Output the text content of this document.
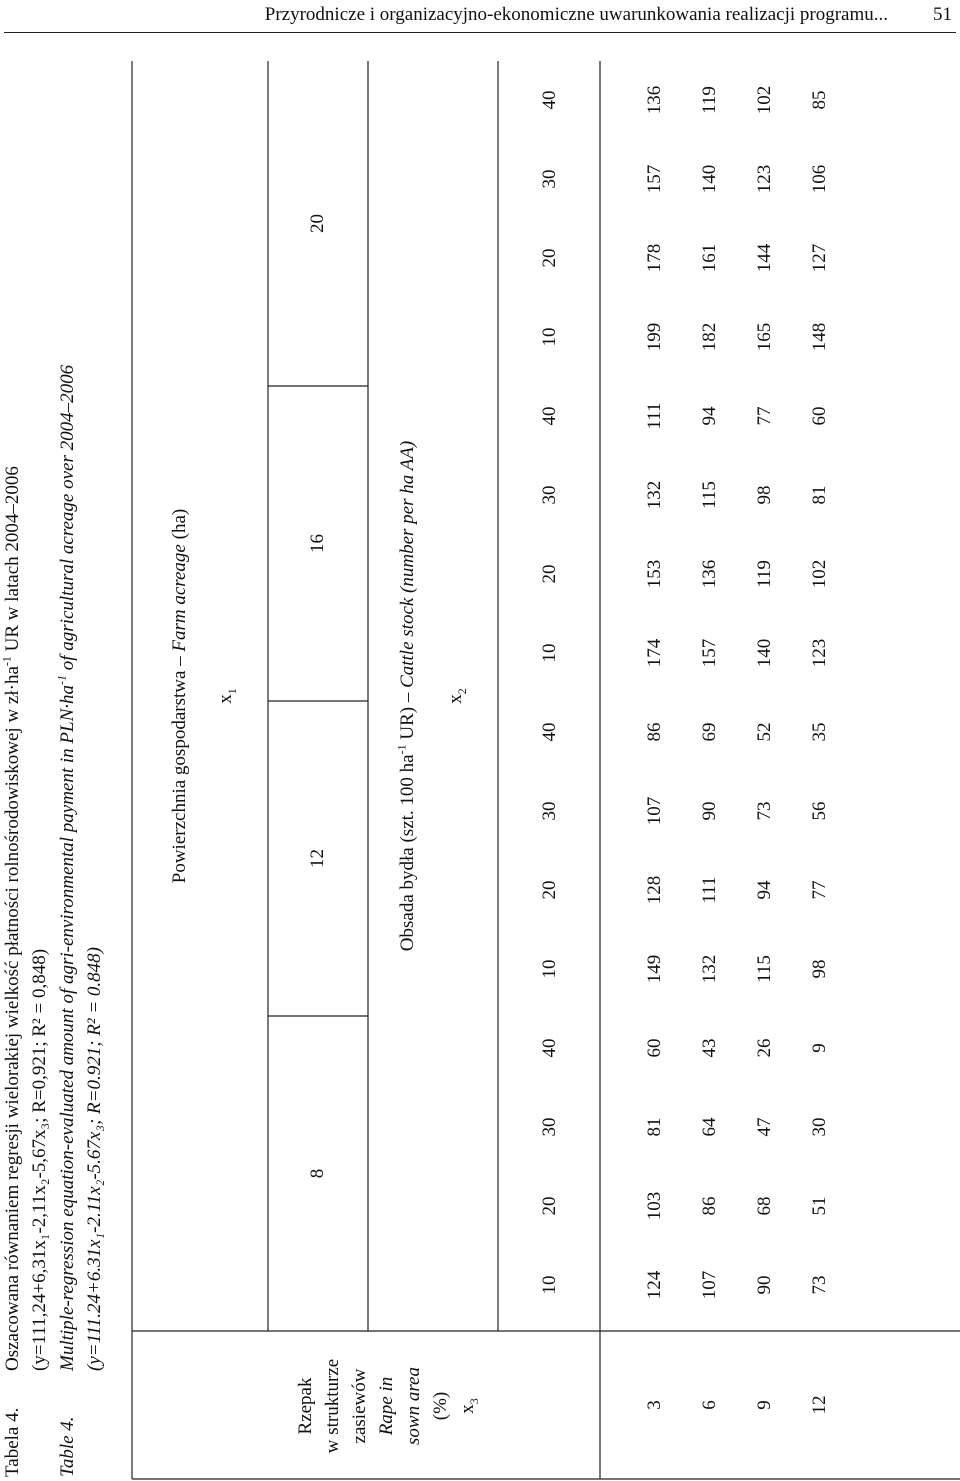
Przyrodnicze i organizacyjno-ekonomiczne uwarunkowania realizacji programu... 51
Tabela 4.
Oszacowana równaniem regresji wielorakiej wielkość płatności rolnośrodowiskowej w $zł\cdot ha^{-1}$ UR w latach 2004–2006
(y=111,24+6,31x₁-2,11x₂-5,67x₃; R=0,921; R² = 0,848)
Table 4.
Multiple-regression equation-evaluated amount of agri-environmental payment in $PLN\cdot ha^{-1}$ of agricultural acreage over 2004–2006
(y=111.24+6.31x₁-2.11x₂-5.67x₃; R=0.921; R² = 0.848)
Rzepak w strukturze zasiewów Rape in sown area (%) $x_3$
Powierzchnia gospodarstwa – Farm acreage (ha)
$x_1$
8
12
16
20
Obsada bydła (szt. 100 $ha^{-1}$ UR) – Cattle stock (number per ha AA)
$x_2$
10
20
30
40
10
20
30
40
10
20
30
40
10
20
30
40
3
124
103
81
60
149
128
107
86
174
153
132
111
199
178
157
136
6
107
86
64
43
132
111
90
69
157
136
115
94
182
161
140
119
9
90
68
47
26
115
94
73
52
140
119
98
77
165
144
123
102
12
73
51
30
9
98
77
56
35
123
102
81
60
148
127
106
85
